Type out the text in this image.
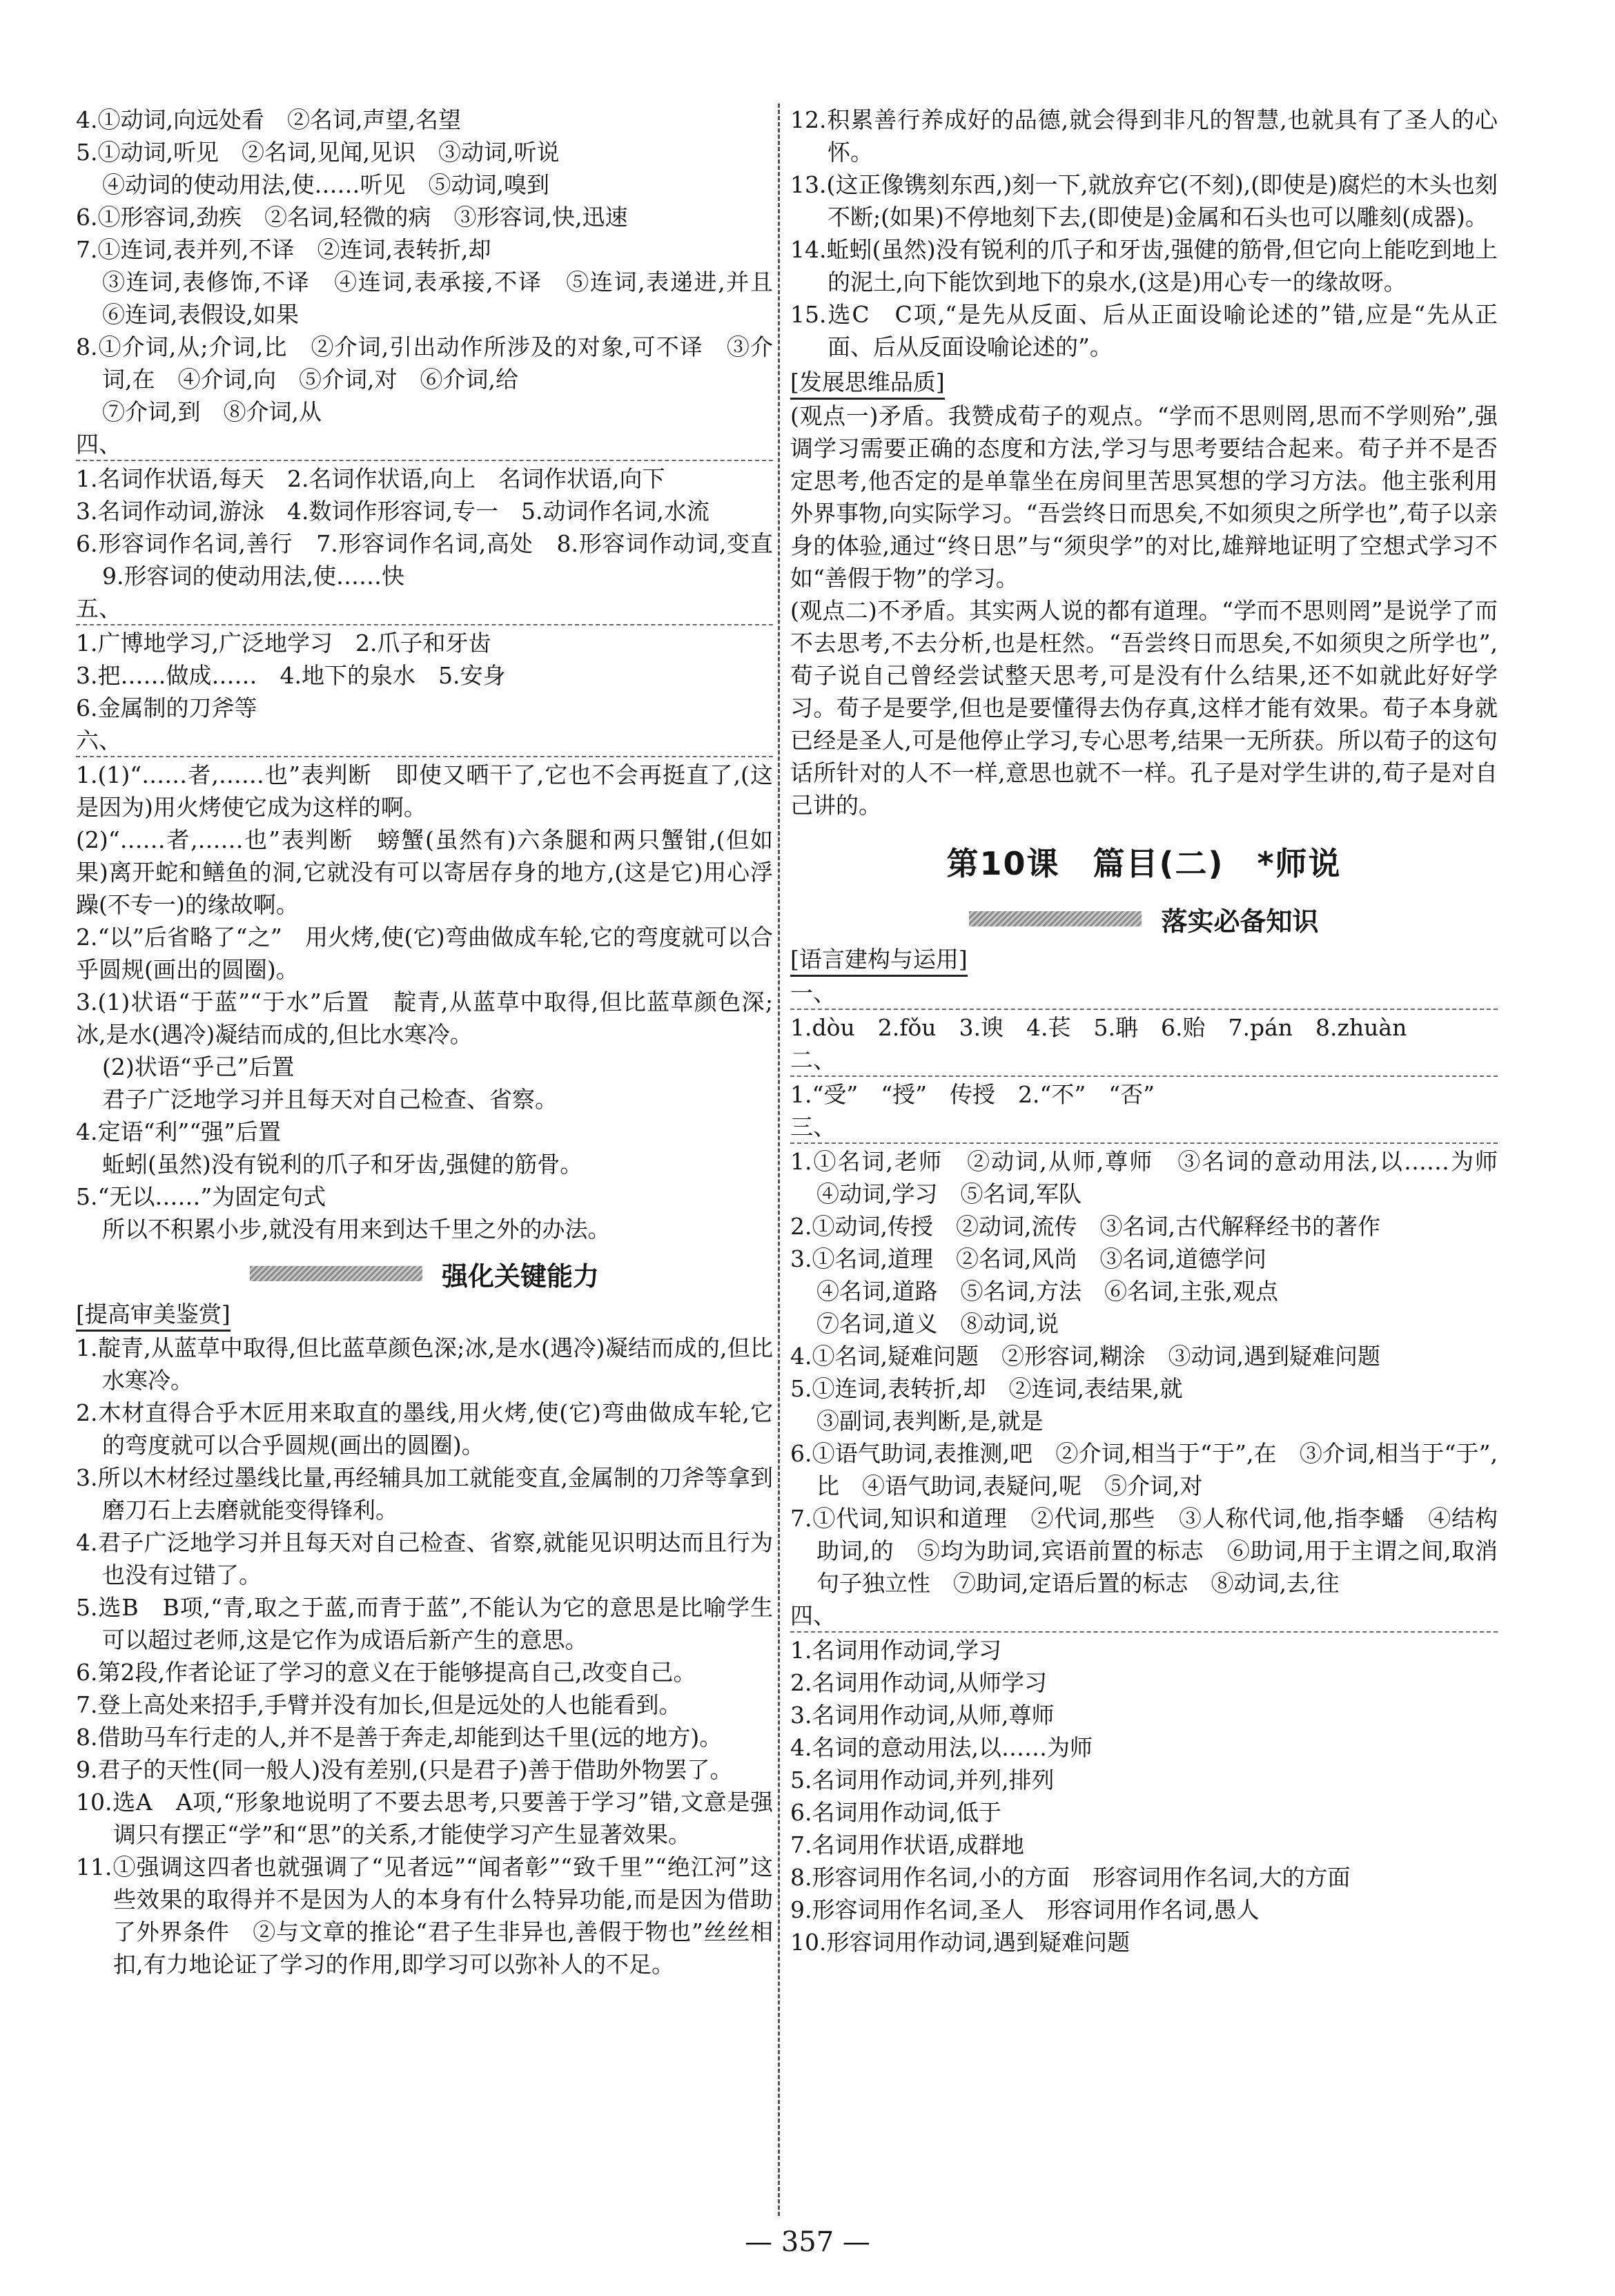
4.①动词,向远处看　②名词,声望,名望

5.①动词,听见　②名词,见闻,见识　③动词,听说

④动词的使动用法,使……听见　⑤动词,嗅到

6.①形容词,劲疾　②名词,轻微的病　③形容词,快,迅速

7.①连词,表并列,不译　②连词,表转折,却

③连词,表修饰,不译　④连词,表承接,不译　⑤连词,表递进,并且　⑥连词,表假设,如果

8.①介词,从;介词,比　②介词,引出动作所涉及的对象,可不译　③介词,在　④介词,向　⑤介词,对　⑥介词,给

⑦介词,到　⑧介词,从

四、

1.名词作状语,每天　2.名词作状语,向上　名词作状语,向下

3.名词作动词,游泳　4.数词作形容词,专一　5.动词作名词,水流

6.形容词作名词,善行　7.形容词作名词,高处　8.形容词作动词,变直　9.形容词的使动用法,使……快

五、

1.广博地学习,广泛地学习　2.爪子和牙齿

3.把……做成……　4.地下的泉水　5.安身

6.金属制的刀斧等

六、

1.(1)“……者,……也”表判断　即使又晒干了,它也不会再挺直了,(这是因为)用火烤使它成为这样的啊。

(2)“……者,……也”表判断　螃蟹(虽然有)六条腿和两只蟹钳,(但如果)离开蛇和鳝鱼的洞,它就没有可以寄居存身的地方,(这是它)用心浮躁(不专一)的缘故啊。

2.“以”后省略了“之”　用火烤,使(它)弯曲做成车轮,它的弯度就可以合乎圆规(画出的圆圈)。

3.(1)状语“于蓝”“于水”后置　靛青,从蓝草中取得,但比蓝草颜色深;冰,是水(遇冷)凝结而成的,但比水寒冷。

(2)状语“乎己”后置

君子广泛地学习并且每天对自己检查、省察。

4.定语“利”“强”后置

蚯蚓(虽然)没有锐利的爪子和牙齿,强健的筋骨。

5.“无以……”为固定句式

所以不积累小步,就没有用来到达千里之外的办法。

强化关键能力
[提高审美鉴赏]

1.靛青,从蓝草中取得,但比蓝草颜色深;冰,是水(遇冷)凝结而成的,但比水寒冷。

2.木材直得合乎木匠用来取直的墨线,用火烤,使(它)弯曲做成车轮,它的弯度就可以合乎圆规(画出的圆圈)。

3.所以木材经过墨线比量,再经辅具加工就能变直,金属制的刀斧等拿到磨刀石上去磨就能变得锋利。

4.君子广泛地学习并且每天对自己检查、省察,就能见识明达而且行为也没有过错了。

5.选B　B项,“青,取之于蓝,而青于蓝”,不能认为它的意思是比喻学生可以超过老师,这是它作为成语后新产生的意思。

6.第2段,作者论证了学习的意义在于能够提高自己,改变自己。

7.登上高处来招手,手臂并没有加长,但是远处的人也能看到。

8.借助马车行走的人,并不是善于奔走,却能到达千里(远的地方)。

9.君子的天性(同一般人)没有差别,(只是君子)善于借助外物罢了。

10.选A　A项,“形象地说明了不要去思考,只要善于学习”错,文意是强调只有摆正“学”和“思”的关系,才能使学习产生显著效果。

11.①强调这四者也就强调了“见者远”“闻者彰”“致千里”“绝江河”这些效果的取得并不是因为人的本身有什么特异功能,而是因为借助了外界条件　②与文章的推论“君子生非异也,善假于物也”丝丝相扣,有力地论证了学习的作用,即学习可以弥补人的不足。

12.积累善行养成好的品德,就会得到非凡的智慧,也就具有了圣人的心怀。

13.(这正像镌刻东西,)刻一下,就放弃它(不刻),(即使是)腐烂的木头也刻不断;(如果)不停地刻下去,(即使是)金属和石头也可以雕刻(成器)。

14.蚯蚓(虽然)没有锐利的爪子和牙齿,强健的筋骨,但它向上能吃到地上的泥土,向下能饮到地下的泉水,(这是)用心专一的缘故呀。

15.选C　C项,“是先从反面、后从正面设喻论述的”错,应是“先从正面、后从反面设喻论述的”。

[发展思维品质]

(观点一)矛盾。我赞成荀子的观点。“学而不思则罔,思而不学则殆”,强调学习需要正确的态度和方法,学习与思考要结合起来。荀子并不是否定思考,他否定的是单靠坐在房间里苦思冥想的学习方法。他主张利用外界事物,向实际学习。“吾尝终日而思矣,不如须臾之所学也”,荀子以亲身的体验,通过“终日思”与“须臾学”的对比,雄辩地证明了空想式学习不如“善假于物”的学习。

(观点二)不矛盾。其实两人说的都有道理。“学而不思则罔”是说学了而不去思考,不去分析,也是枉然。“吾尝终日而思矣,不如须臾之所学也”,荀子说自己曾经尝试整天思考,可是没有什么结果,还不如就此好好学习。荀子是要学,但也是要懂得去伪存真,这样才能有效果。荀子本身就已经是圣人,可是他停止学习,专心思考,结果一无所获。所以荀子的这句话所针对的人不一样,意思也就不一样。孔子是对学生讲的,荀子是对自己讲的。

第10课　篇目(二)　*师说
落实必备知识
[语言建构与运用]
一、

1.dòu　2.fǒu　3.谀　4.苌　5.聃　6.贻　7.pán　8.zhuàn

二、

1.“受”　“授”　传授　2.“不”　“否”

三、

1.①名词,老师　②动词,从师,尊师　③名词的意动用法,以……为师　④动词,学习　⑤名词,军队

2.①动词,传授　②动词,流传　③名词,古代解释经书的著作

3.①名词,道理　②名词,风尚　③名词,道德学问

④名词,道路　⑤名词,方法　⑥名词,主张,观点

⑦名词,道义　⑧动词,说

4.①名词,疑难问题　②形容词,糊涂　③动词,遇到疑难问题

5.①连词,表转折,却　②连词,表结果,就

③副词,表判断,是,就是

6.①语气助词,表推测,吧　②介词,相当于“于”,在　③介词,相当于“于”,比　④语气助词,表疑问,呢　⑤介词,对

7.①代词,知识和道理　②代词,那些　③人称代词,他,指李蟠　④结构助词,的　⑤均为助词,宾语前置的标志　⑥助词,用于主谓之间,取消句子独立性　⑦助词,定语后置的标志　⑧动词,去,往

四、

1.名词用作动词,学习

2.名词用作动词,从师学习

3.名词用作动词,从师,尊师

4.名词的意动用法,以……为师

5.名词用作动词,并列,排列

6.名词用作动词,低于

7.名词用作状语,成群地

8.形容词用作名词,小的方面　形容词用作名词,大的方面

9.形容词用作名词,圣人　形容词用作名词,愚人

10.形容词用作动词,遇到疑难问题

— 357 —
